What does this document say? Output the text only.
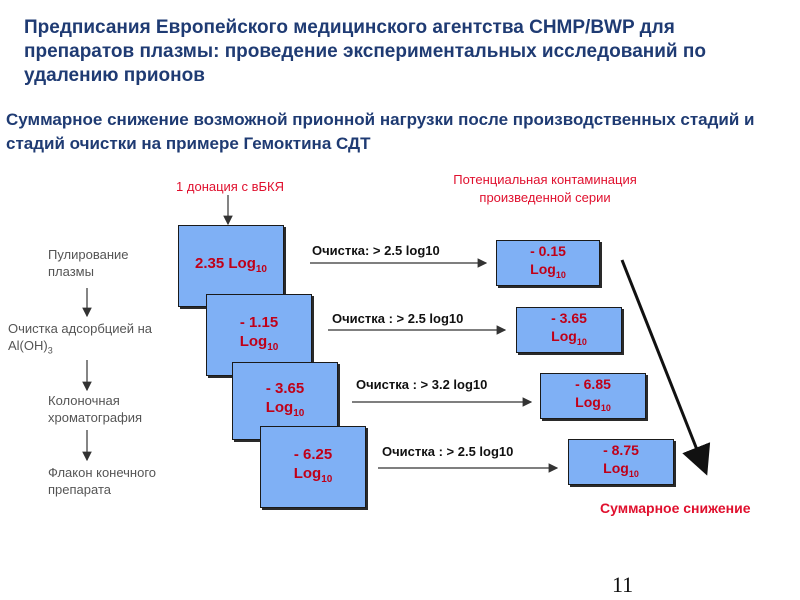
Предписания Европейского медицинского агентства CHMP/BWP для препаратов плазмы: проведение экспериментальных исследований по удалению прионов
Суммарное снижение возможной прионной нагрузки после производственных стадий и стадий очистки на примере Гемоктина СДТ
1 донация с вБКЯ	Потенциальная контаминация произведенной серии
Пулирование плазмы
Очистка адсорбцией на $Al(OH)_3$
Колоночная хроматография
Флакон конечного препарата
2.35 Log$_{10}$
- 1.15
Log$_{10}$
- 3.65
Log$_{10}$
- 6.25
Log$_{10}$
Очистка: > 2.5 log10
Очистка : > 2.5 log10
Очистка : > 3.2 log10
Очистка : > 2.5 log10
- 0.15
Log$_{10}$
- 3.65
Log$_{10}$
- 6.85
Log$_{10}$
- 8.75
Log$_{10}$
Суммарное снижение
11
